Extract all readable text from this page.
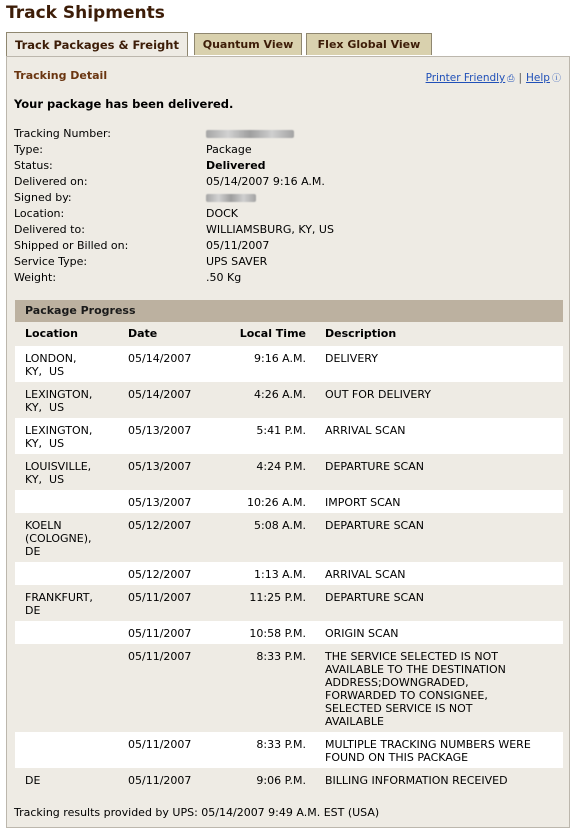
Track Shipments
Track Packages & Freight	Quantum View	Flex Global View
Tracking Detail	Printer Friendly ⎙ | Help ⓘ
Your package has been delivered.
Tracking Number:
Type:	Package
Status:	Delivered
Delivered on:	05/14/2007 9:16 A.M.
Signed by:
Location:	DOCK
Delivered to:	WILLIAMSBURG, KY, US
Shipped or Billed on:	05/11/2007
Service Type:	UPS SAVER
Weight:	.50 Kg
Package Progress
Location	Date	Local Time Description
LONDON,
KY,  US
05/14/2007	9:16 A.M. DELIVERY
LEXINGTON,
KY,  US
05/14/2007	4:26 A.M. OUT FOR DELIVERY
LEXINGTON,
KY,  US
05/13/2007	5:41 P.M. ARRIVAL SCAN
LOUISVILLE,
KY,  US
05/13/2007	4:24 P.M. DEPARTURE SCAN
05/13/2007	10:26 A.M. IMPORT SCAN
KOELN
(COLOGNE),
DE
05/12/2007	5:08 A.M. DEPARTURE SCAN
05/12/2007	1:13 A.M. ARRIVAL SCAN
FRANKFURT,
DE
05/11/2007	11:25 P.M. DEPARTURE SCAN
05/11/2007	10:58 P.M. ORIGIN SCAN
05/11/2007	8:33 P.M. THE SERVICE SELECTED IS NOT
AVAILABLE TO THE DESTINATION
ADDRESS;DOWNGRADED,
FORWARDED TO CONSIGNEE,
SELECTED SERVICE IS NOT
AVAILABLE
05/11/2007	8:33 P.M. MULTIPLE TRACKING NUMBERS WERE
FOUND ON THIS PACKAGE
DE	05/11/2007	9:06 P.M. BILLING INFORMATION RECEIVED
Tracking results provided by UPS: 05/14/2007 9:49 A.M. EST (USA)
